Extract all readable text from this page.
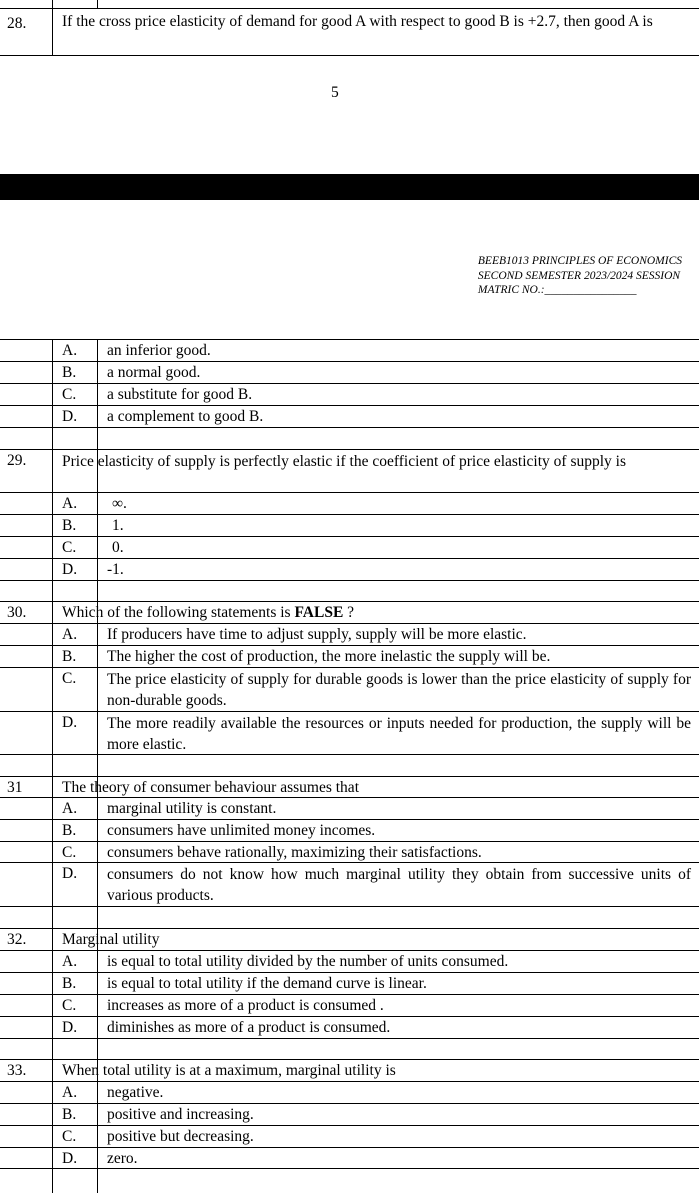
28. If the cross price elasticity of demand for good A with respect to good B is +2.7, then good A is
5
BEEB1013 PRINCIPLES OF ECONOMICS
SECOND SEMESTER 2023/2024 SESSION
MATRIC NO.:________________
A. an inferior good.
B. a normal good.
C. a substitute for good B.
D. a complement to good B.
29. Price elasticity of supply is perfectly elastic if the coefficient of price elasticity of supply is
A. ∞.
B. 1.
C. 0.
D. -1.
30. Which of the following statements is FALSE ?
A. If producers have time to adjust supply, supply will be more elastic.
B. The higher the cost of production, the more inelastic the supply will be.
C. The price elasticity of supply for durable goods is lower than the price elasticity of supply for non-durable goods.
D. The more readily available the resources or inputs needed for production, the supply will be more elastic.
31	The theory of consumer behaviour assumes that
A. marginal utility is constant.
B. consumers have unlimited money incomes.
C. consumers behave rationally, maximizing their satisfactions.
D. consumers do not know how much marginal utility they obtain from successive units of various products.
32. Marginal utility
A. is equal to total utility divided by the number of units consumed.
B. is equal to total utility if the demand curve is linear.
C. increases as more of a product is consumed .
D. diminishes as more of a product is consumed.
33. When total utility is at a maximum, marginal utility is
A. negative.
B. positive and increasing.
C. positive but decreasing.
D. zero.
